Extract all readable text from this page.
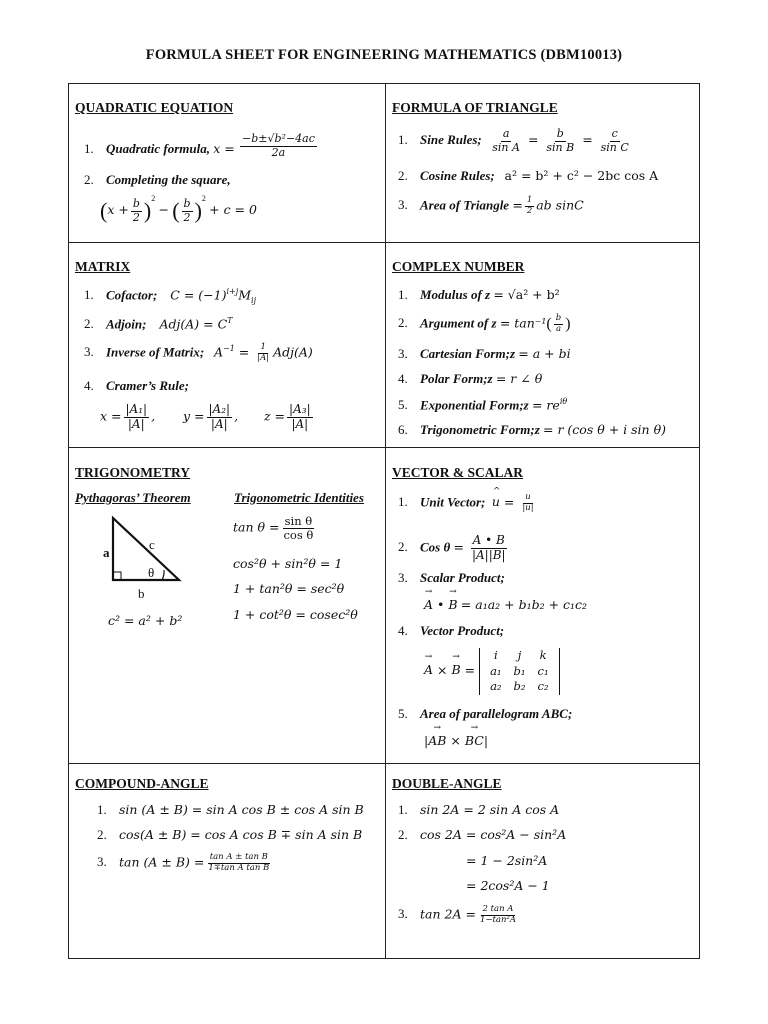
FORMULA SHEET FOR ENGINEERING MATHEMATICS (DBM10013)
QUADRATIC EQUATION
1. Quadratic formula, $x = \frac{\text{−b±√b²−4ac}}{2a}$
2. Completing the square,
$(x + \frac{b}{2} )^2$ − ( $\frac{b}{2} )^2 + c = 0$
FORMULA OF TRIANGLE
1. Sine Rules; $\frac{a}{\text{sin A}} = \frac{b}{\text{sin B}} = \frac{c}{\text{sin C}}$
2. Cosine Rules; a² = b² + c² − 2bc cos A
3. Area of Triangle = $\frac{1}{2}$ ab sinC
MATRIX
1. Cofactor; $C = (-1)^{i+j}M_{ij}$
2. Adjoin; $Adj(A) = C^T$
3. Inverse of Matrix; $A^{-1} = \frac{1}{|A|} Adj(A)$
4. Cramer’s Rule;
$x = \frac{\text{|A₁|}}{|A|}$ , $y = \frac{\text{|A₂|}}{|A|}$ , $z = \frac{\text{|A₃|}}{|A|}$
COMPLEX NUMBER
1. Modulus of z = √a² + b²
2. Argument of $z = \tan^{-1}( \frac{b}{a}$ )
3. Cartesian Form;z = a + bi
4. Polar Form;z = r ∠ θ
5. Exponential Form;z = $re^{i\theta}$
6. Trigonometric Form;z = r (cos θ + i sin θ)
TRIGONOMETRY
Pythagoras’ Theorem	Trigonometric Identities
a
c
θ
b
c² = a² + b²
$\tan \theta = \frac{\text{sin θ}}{\text{cos θ}}$
cos²θ + sin²θ = 1
1 + tan²θ = sec²θ
1 + cot²θ = cosec²θ
VECTOR & SCALAR
1. Unit Vector; ^ $u = \frac{u}{|u|}$
2. Cos $\theta = \frac{A • B}{|A||B|}$
3. Scalar Product;
→ A • → B = a₁a₂ + b₁b₂ + c₁c₂
4. Vector Product;
→ A × → B =
i	j	k
a₁	b₁	c₁
a₂	b₂	c₂
5. Area of parallelogram ABC;
|→ AB × → BC|
COMPOUND-ANGLE
1. sin (A ± B) = sin A cos B ± cos A sin B
2. cos(A ± B) = cos A cos B ∓ sin A sin B
3. $\tan (A \pm B) = \frac{\text{tan A ± tan B}}{\text{1∓tan A tan B}}$
DOUBLE-ANGLE
1. sin 2A = 2 sin A cos A
2. cos 2A = cos²A − sin²A
= 1 − 2sin²A
= 2cos²A − 1
3. $\tan 2A = \frac{\text{2 tan A}}{\text{1−tan²A}}$
